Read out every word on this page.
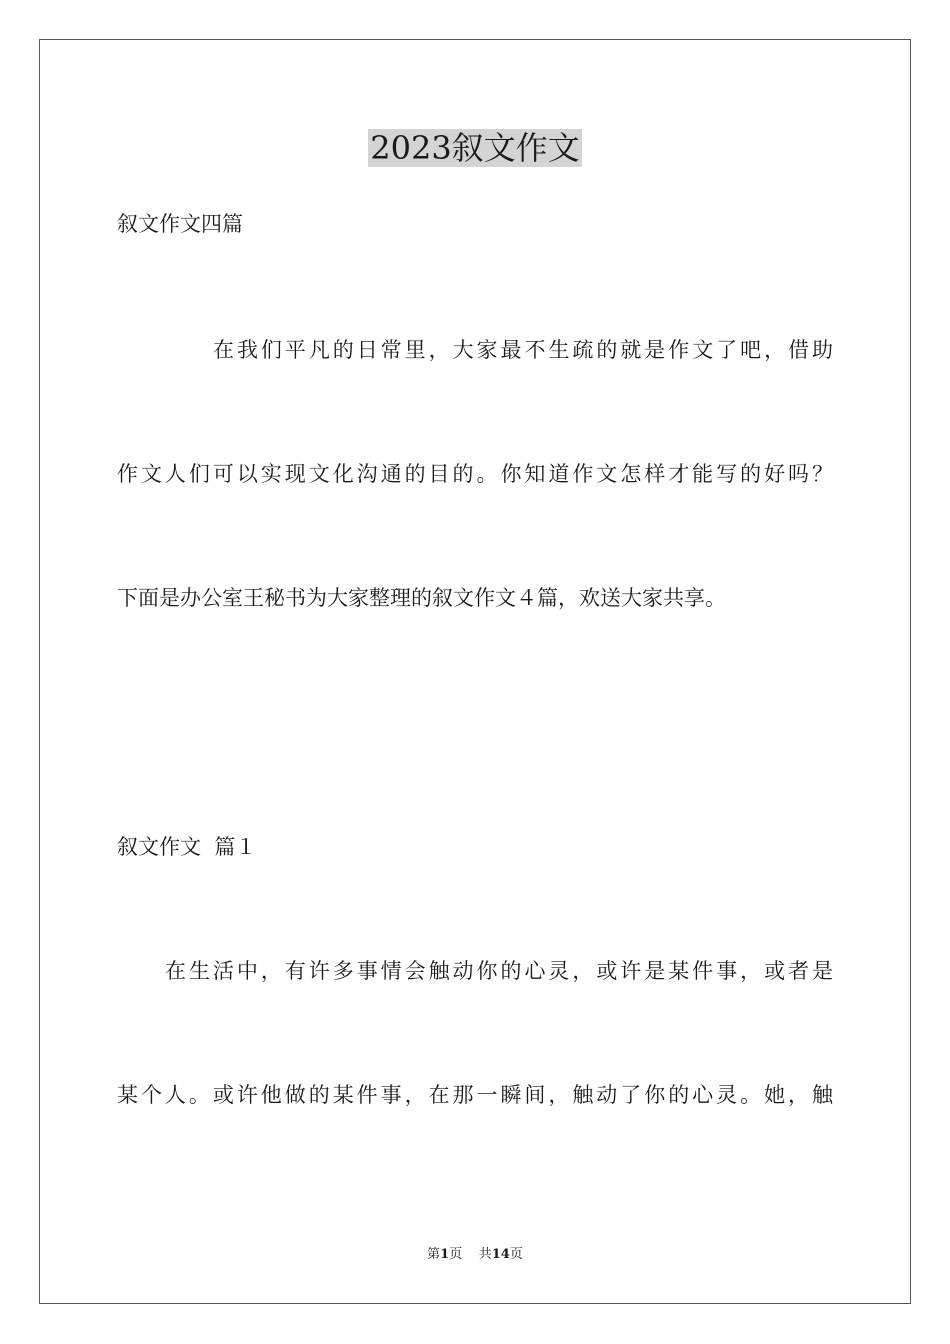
2023叙文作文

叙文作文四篇

在我们平凡的日常里，大家最不生疏的就是作文了吧，借助

作文人们可以实现文化沟通的目的。你知道作文怎样才能写的好吗？

下面是办公室王秘书为大家整理的叙文作文４篇，欢送大家共享。

叙文作文  篇１

在生活中，有许多事情会触动你的心灵，或许是某件事，或者是

某个人。或许他做的某件事，在那一瞬间，触动了你的心灵。她，触

第1页 共14页
